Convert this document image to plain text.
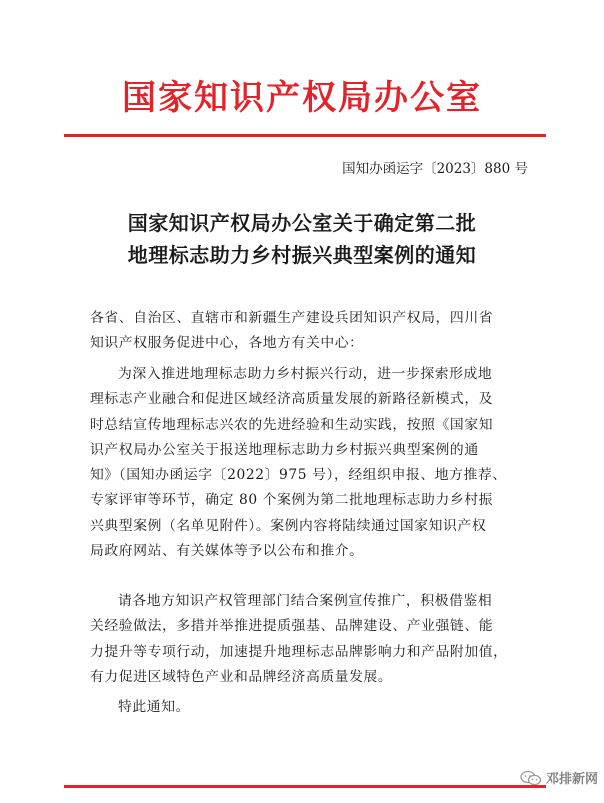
国家知识产权局办公室
国知办函运字〔2023〕880 号
国家知识产权局办公室关于确定第二批
地理标志助力乡村振兴典型案例的通知
各省、自治区、直辖市和新疆生产建设兵团知识产权局，四川省
知识产权服务促进中心，各地方有关中心：
为深入推进地理标志助力乡村振兴行动，进一步探索形成地
理标志产业融合和促进区域经济高质量发展的新路径新模式，及
时总结宣传地理标志兴农的先进经验和生动实践，按照《国家知
识产权局办公室关于报送地理标志助力乡村振兴典型案例的通
知》（国知办函运字〔2022〕975 号），经组织申报、地方推荐、
专家评审等环节，确定 80 个案例为第二批地理标志助力乡村振
兴典型案例（名单见附件）。案例内容将陆续通过国家知识产权
局政府网站、有关媒体等予以公布和推介。
请各地方知识产权管理部门结合案例宣传推广，积极借鉴相
关经验做法，多措并举推进提质强基、品牌建设、产业强链、能
力提升等专项行动，加速提升地理标志品牌影响力和产品附加值，
有力促进区域特色产业和品牌经济高质量发展。
特此通知。
邓排新网
